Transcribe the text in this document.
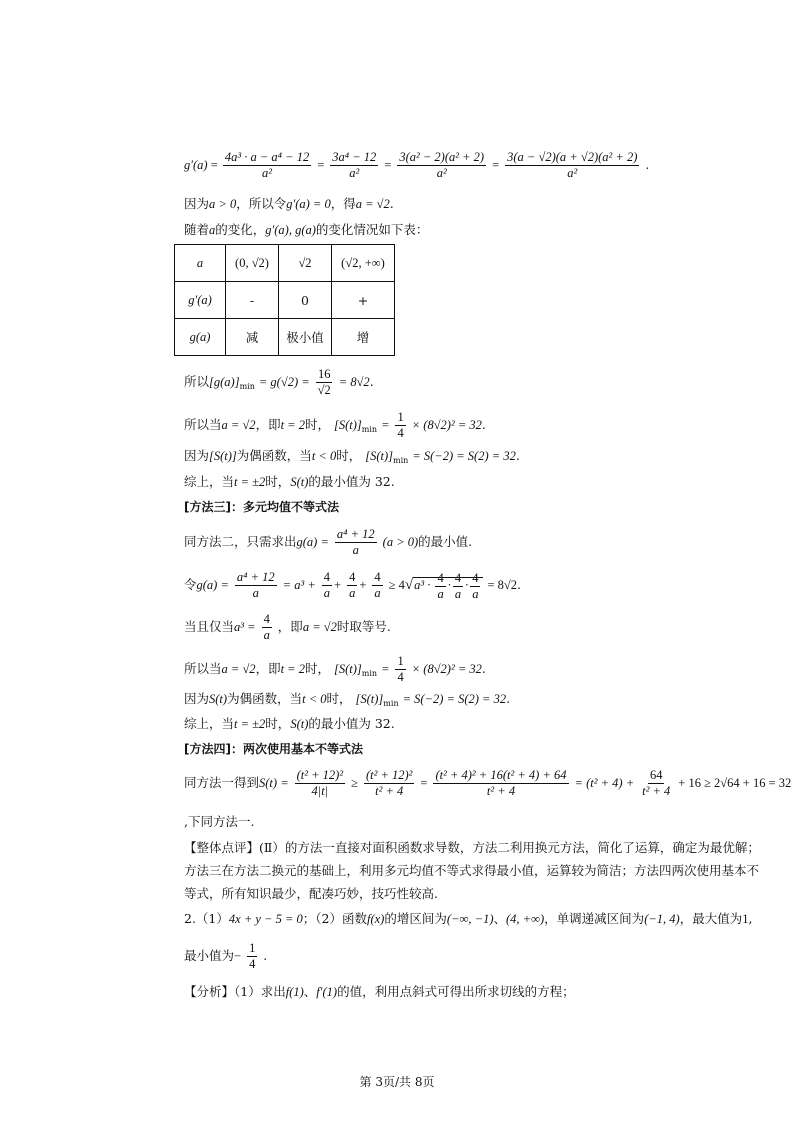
$g'(a) = \frac{\text{4a³ · a − a⁴ − 12}}{\text{a²}} = \frac{\text{3a⁴ − 12}}{\text{a²}} = \frac{\text{3(a² − 2)(a² + 2)}}{\text{a²}} = \frac{\text{3(a − √2)(a + √2)(a² + 2)}}{\text{a²}}$ .
因为a > 0，所以令g′(a) = 0，得a = √2.
随着a的变化，g′(a), g(a)的变化情况如下表：
a	(0, √2)	√2	(√2, +∞)
g′(a)	-	0	+
g(a)	减	极小值	增
所以$[g(a)]_{min} = g(√2) = \frac{16}{√2} = 8√2$.
所以当a = √2，即t = 2时， $[S(t)]_{min} = \frac{1}{4} \times (8√2)^2 = 32$.
因为[S(t)]为偶函数，当t < 0时， $[S(t)]_{min} = S(-2) = S(2) = 32$.
综上，当t = ±2时，S(t)的最小值为 32.
[方法三]：多元均值不等式法
同方法二，只需求出$g(a) = \frac{\text{a⁴ + 12}}{a} (a > 0)$的最小值.
令$g(a) = \frac{\text{a⁴ + 12}}{a} = a^3 + \frac{4}{a} + \frac{4}{a} + \frac{4}{a} \ge 4√a^3 \cdot \frac{4}{a} \cdot \frac{4}{a} \cdot \frac{4}{a} = 8√2$.
当且仅当$a^3 = \frac{4}{a}$ ，即a = √2时取等号.
所以当a = √2，即t = 2时， $[S(t)]_{min} = \frac{1}{4} \times (8√2)^2 = 32$.
因为S(t)为偶函数，当t < 0时， $[S(t)]_{min} = S(-2) = S(2) = 32$.
综上，当t = ±2时，S(t)的最小值为 32.
[方法四]：两次使用基本不等式法
同方法一得到$S(t) = \frac{\text{(t² + 12)²}}{4|t|} \ge \frac{\text{(t² + 12)²}}{\text{t² + 4}} = \frac{\text{(t² + 4)² + 16(t² + 4) + 64}}{\text{t² + 4}} = (t^2 + 4) + \frac{64}{\text{t² + 4}} + 16 \ge 2√64 + 16 = 32$
,下同方法一.
【整体点评】(Ⅱ）的方法一直接对面积函数求导数，方法二利用换元方法，简化了运算，确定为最优解；
方法三在方法二换元的基础上，利用多元均值不等式求得最小值，运算较为简洁；方法四两次使用基本不
等式，所有知识最少，配凑巧妙，技巧性较高.
2.（1）4x + y − 5 = 0；（2）函数f(x)的增区间为(−∞, −1)、(4, +∞)，单调递减区间为(−1, 4)，最大值为1,
最小值为− $\frac{1}{4}$ .
【分析】（1）求出f(1)、f′(1)的值，利用点斜式可得出所求切线的方程；
第 3页/共 8页
